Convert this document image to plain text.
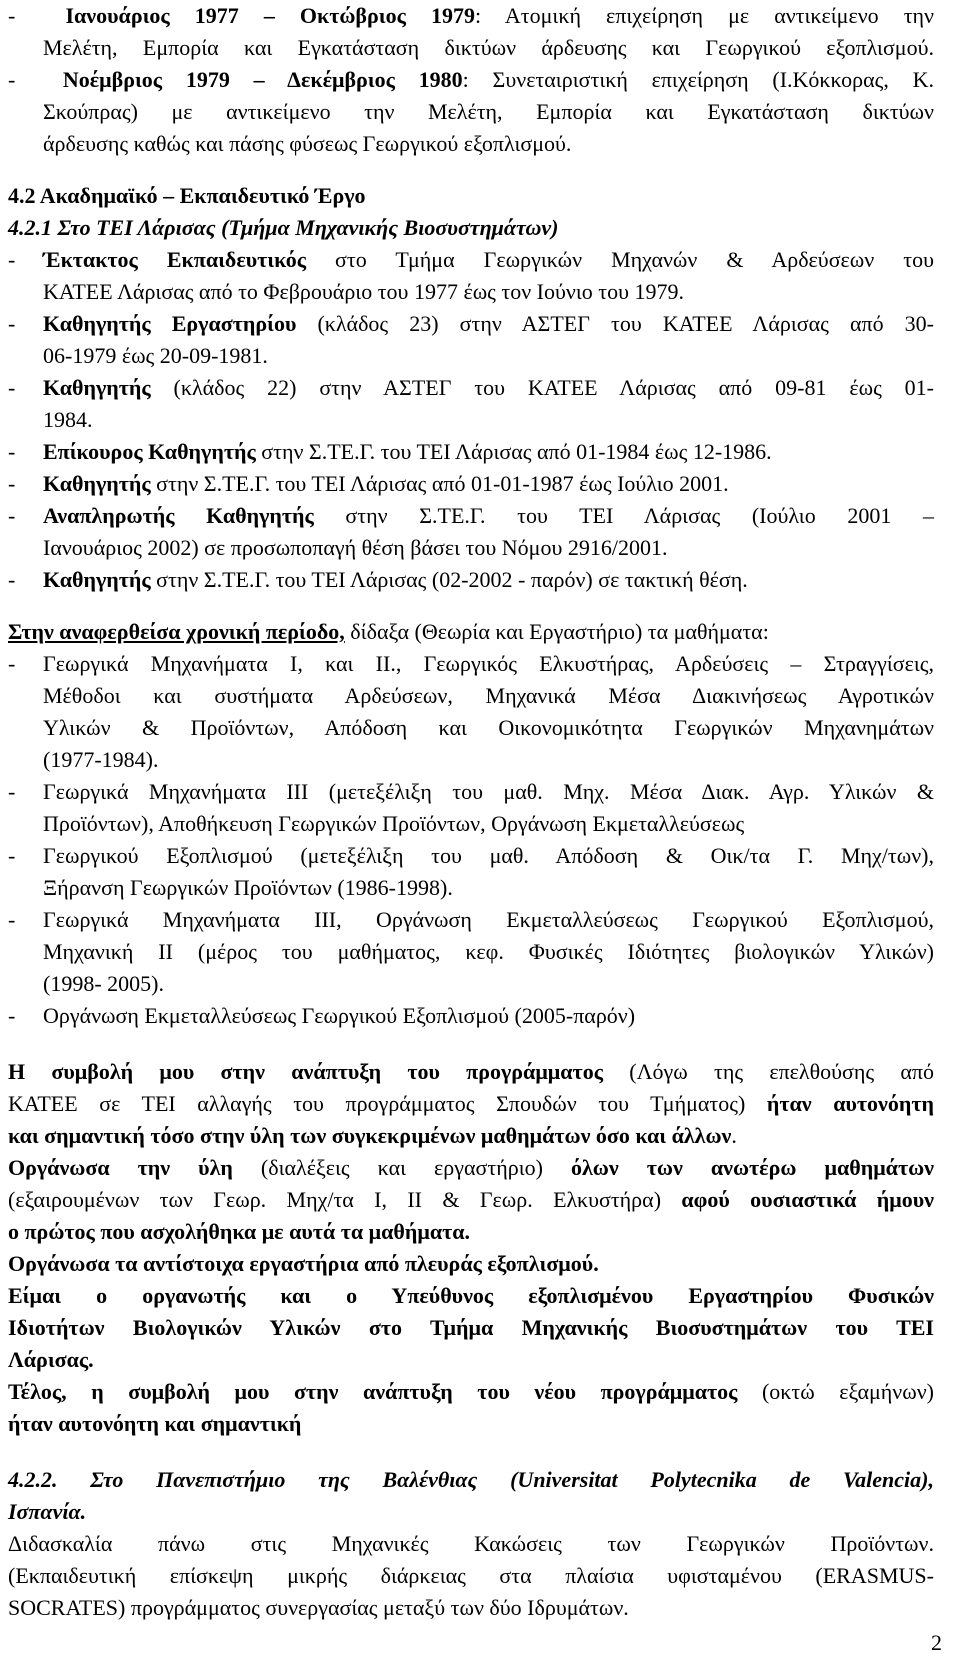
-  Ιανουάριος 1977 – Οκτώβριος 1979: Ατομική επιχείρηση με αντικείμενο την
Μελέτη, Εμπορία και Εγκατάσταση δικτύων άρδευσης και Γεωργικού εξοπλισμού.
-  Νοέμβριος 1979 – Δεκέμβριος 1980: Συνεταιριστική επιχείρηση (Ι.Κόκκορας, Κ.
Σκούπρας) με αντικείμενο την Μελέτη, Εμπορία και Εγκατάσταση δικτύων
άρδευσης καθώς και πάσης φύσεως Γεωργικού εξοπλισμού.
4.2 Ακαδημαϊκό – Εκπαιδευτικό Έργο
4.2.1 Στο ΤΕΙ Λάρισας (Τμήμα Μηχανικής Βιοσυστημάτων)
- Έκτακτος Εκπαιδευτικός στο Τμήμα Γεωργικών Μηχανών & Αρδεύσεων του
ΚΑΤΕΕ Λάρισας από το Φεβρουάριο του 1977 έως τον Ιούνιο του 1979.
- Καθηγητής Εργαστηρίου (κλάδος 23) στην ΑΣΤΕΓ του ΚΑΤΕΕ Λάρισας από 30-
06-1979 έως 20-09-1981.
- Καθηγητής (κλάδος 22) στην ΑΣΤΕΓ του ΚΑΤΕΕ Λάρισας από 09-81 έως 01-
1984.
- Επίκουρος Καθηγητής στην Σ.ΤΕ.Γ. του ΤΕΙ Λάρισας από 01-1984 έως 12-1986.
- Καθηγητής στην Σ.ΤΕ.Γ. του ΤΕΙ Λάρισας από 01-01-1987 έως Ιούλιο 2001.
- Αναπληρωτής Καθηγητής στην Σ.ΤΕ.Γ. του ΤΕΙ Λάρισας (Ιούλιο 2001 –
Ιανουάριος 2002) σε προσωποπαγή θέση βάσει του Νόμου 2916/2001.
- Καθηγητής στην Σ.ΤΕ.Γ. του ΤΕΙ Λάρισας (02-2002 - παρόν) σε τακτική θέση.
Στην αναφερθείσα χρονική περίοδο, δίδαξα (Θεωρία και Εργαστήριο) τα μαθήματα:
- Γεωργικά Μηχανήματα Ι, και ΙΙ., Γεωργικός Ελκυστήρας, Αρδεύσεις – Στραγγίσεις,
Μέθοδοι και συστήματα Αρδεύσεων, Μηχανικά Μέσα Διακινήσεως Αγροτικών
Υλικών & Προϊόντων, Απόδοση και Οικονομικότητα Γεωργικών Μηχανημάτων
(1977-1984).
- Γεωργικά Μηχανήματα ΙΙΙ (μετεξέλιξη του μαθ. Μηχ. Μέσα Διακ. Αγρ. Υλικών &
Προϊόντων), Αποθήκευση Γεωργικών Προϊόντων, Οργάνωση Εκμεταλλεύσεως
- Γεωργικού Εξοπλισμού (μετεξέλιξη του μαθ. Απόδοση & Οικ/τα Γ. Μηχ/των),
Ξήρανση Γεωργικών Προϊόντων (1986-1998).
- Γεωργικά Μηχανήματα ΙΙΙ, Οργάνωση Εκμεταλλεύσεως Γεωργικού Εξοπλισμού,
Μηχανική ΙΙ (μέρος του μαθήματος, κεφ. Φυσικές Ιδιότητες βιολογικών Υλικών)
(1998- 2005).
- Οργάνωση Εκμεταλλεύσεως Γεωργικού Εξοπλισμού (2005-παρόν)
Η συμβολή μου στην ανάπτυξη του προγράμματος (Λόγω της επελθούσης από
ΚΑΤΕΕ σε ΤΕΙ αλλαγής του προγράμματος Σπουδών του Τμήματος) ήταν αυτονόητη
και σημαντική τόσο στην ύλη των συγκεκριμένων μαθημάτων όσο και άλλων.
Οργάνωσα την ύλη (διαλέξεις και εργαστήριο) όλων των ανωτέρω μαθημάτων
(εξαιρουμένων των Γεωρ. Μηχ/τα Ι, ΙΙ & Γεωρ. Ελκυστήρα) αφού ουσιαστικά ήμουν
ο πρώτος που ασχολήθηκα με αυτά τα μαθήματα.
Οργάνωσα τα αντίστοιχα εργαστήρια από πλευράς εξοπλισμού.
Είμαι ο οργανωτής και ο Υπεύθυνος εξοπλισμένου Εργαστηρίου Φυσικών
Ιδιοτήτων Βιολογικών Υλικών στο Τμήμα Μηχανικής Βιοσυστημάτων του ΤΕΙ
Λάρισας.
Τέλος, η συμβολή μου στην ανάπτυξη του νέου προγράμματος (οκτώ εξαμήνων)
ήταν αυτονόητη και σημαντική
4.2.2. Στο Πανεπιστήμιο της Βαλένθιας (Universitat Polytecnika de Valencia),
Ισπανία.
Διδασκαλία πάνω στις Μηχανικές Κακώσεις των Γεωργικών Προϊόντων.
(Εκπαιδευτική επίσκεψη μικρής διάρκειας στα πλαίσια υφισταμένου (ERASMUS-
SOCRATES) προγράμματος συνεργασίας μεταξύ των δύο Ιδρυμάτων.
2
